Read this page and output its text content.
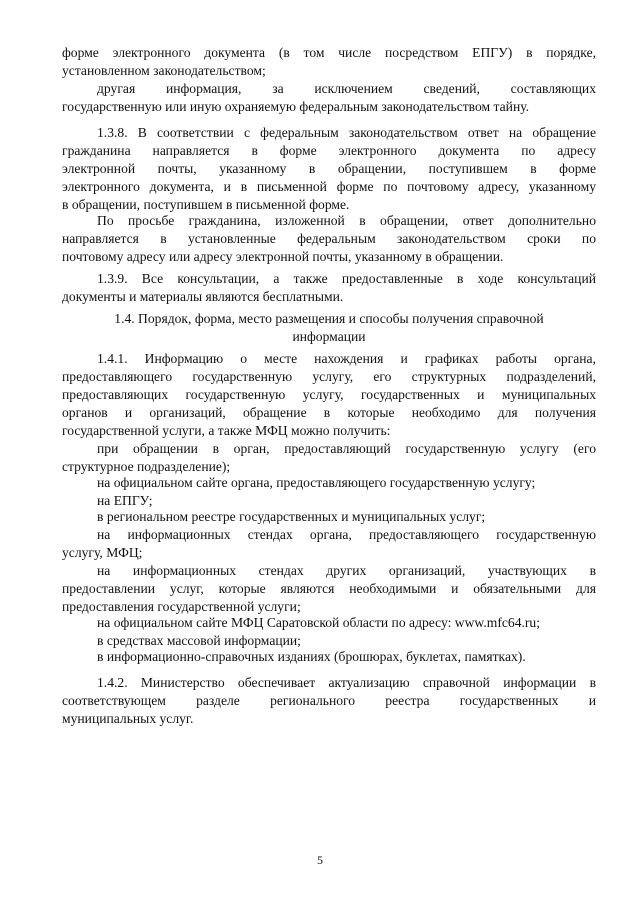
форме электронного документа (в том числе посредством ЕПГУ) в порядке,
установленном законодательством;
другая информация, за исключением сведений, составляющих
государственную или иную охраняемую федеральным законодательством тайну.
1.3.8. В соответствии с федеральным законодательством ответ на обращение
гражданина направляется в форме электронного документа по адресу
электронной почты, указанному в обращении, поступившем в форме
электронного документа, и в письменной форме по почтовому адресу, указанному
в обращении, поступившем в письменной форме.
По просьбе гражданина, изложенной в обращении, ответ дополнительно
направляется в установленные федеральным законодательством сроки по
почтовому адресу или адресу электронной почты, указанному в обращении.
1.3.9. Все консультации, а также предоставленные в ходе консультаций
документы и материалы являются бесплатными.
1.4. Порядок, форма, место размещения и способы получения справочной
информации
1.4.1. Информацию о месте нахождения и графиках работы органа,
предоставляющего государственную услугу, его структурных подразделений,
предоставляющих государственную услугу, государственных и муниципальных
органов и организаций, обращение в которые необходимо для получения
государственной услуги, а также МФЦ можно получить:
при обращении в орган, предоставляющий государственную услугу (его
структурное подразделение);
на официальном сайте органа, предоставляющего государственную услугу;
на ЕПГУ;
в региональном реестре государственных и муниципальных услуг;
на информационных стендах органа, предоставляющего государственную
услугу, МФЦ;
на информационных стендах других организаций, участвующих в
предоставлении услуг, которые являются необходимыми и обязательными для
предоставления государственной услуги;
на официальном сайте МФЦ Саратовской области по адресу: www.mfc64.ru;
в средствах массовой информации;
в информационно-справочных изданиях (брошюрах, буклетах, памятках).
1.4.2. Министерство обеспечивает актуализацию справочной информации в
соответствующем разделе регионального реестра государственных и
муниципальных услуг.
5
